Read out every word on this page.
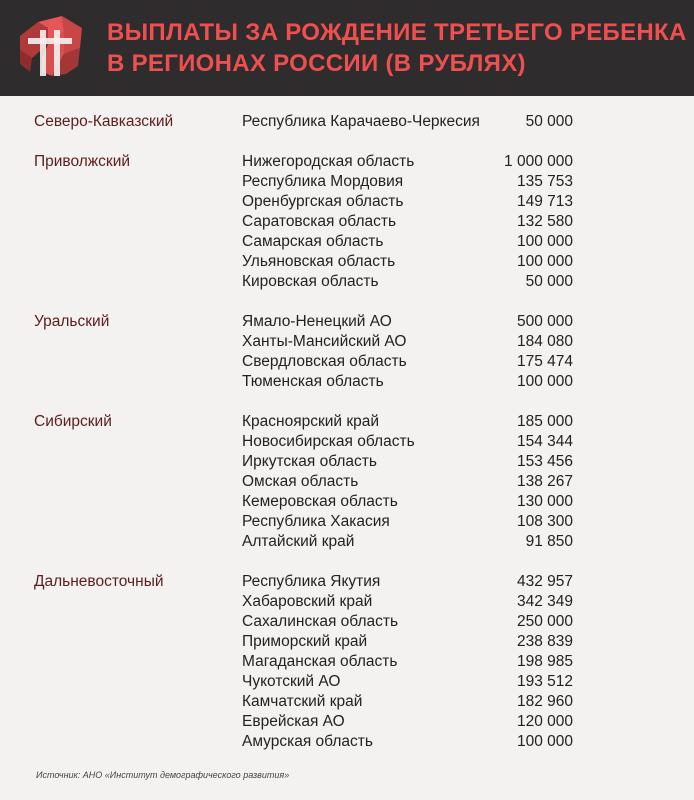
ВЫПЛАТЫ ЗА РОЖДЕНИЕ ТРЕТЬЕГО РЕБЕНКА
В РЕГИОНАХ РОССИИ (В РУБЛЯХ)
Северо-Кавказский	Республика Карачаево-Черкесия	50 000
Приволжский	Нижегородская область	1 000 000
Республика Мордовия	135 753
Оренбургская область	149 713
Саратовская область	132 580
Самарская область	100 000
Ульяновская область	100 000
Кировская область	50 000
Уральский	Ямало-Ненецкий АО	500 000
Ханты-Мансийский АО	184 080
Свердловская область	175 474
Тюменская область	100 000
Сибирский	Красноярский край	185 000
Новосибирская область	154 344
Иркутская область	153 456
Омская область	138 267
Кемеровская область	130 000
Республика Хакасия	108 300
Алтайский край	91 850
Дальневосточный	Республика Якутия	432 957
Хабаровский край	342 349
Сахалинская область	250 000
Приморский край	238 839
Магаданская область	198 985
Чукотский АО	193 512
Камчатский край	182 960
Еврейская АО	120 000
Амурская область	100 000
Источник: АНО «Институт демографического развития»
